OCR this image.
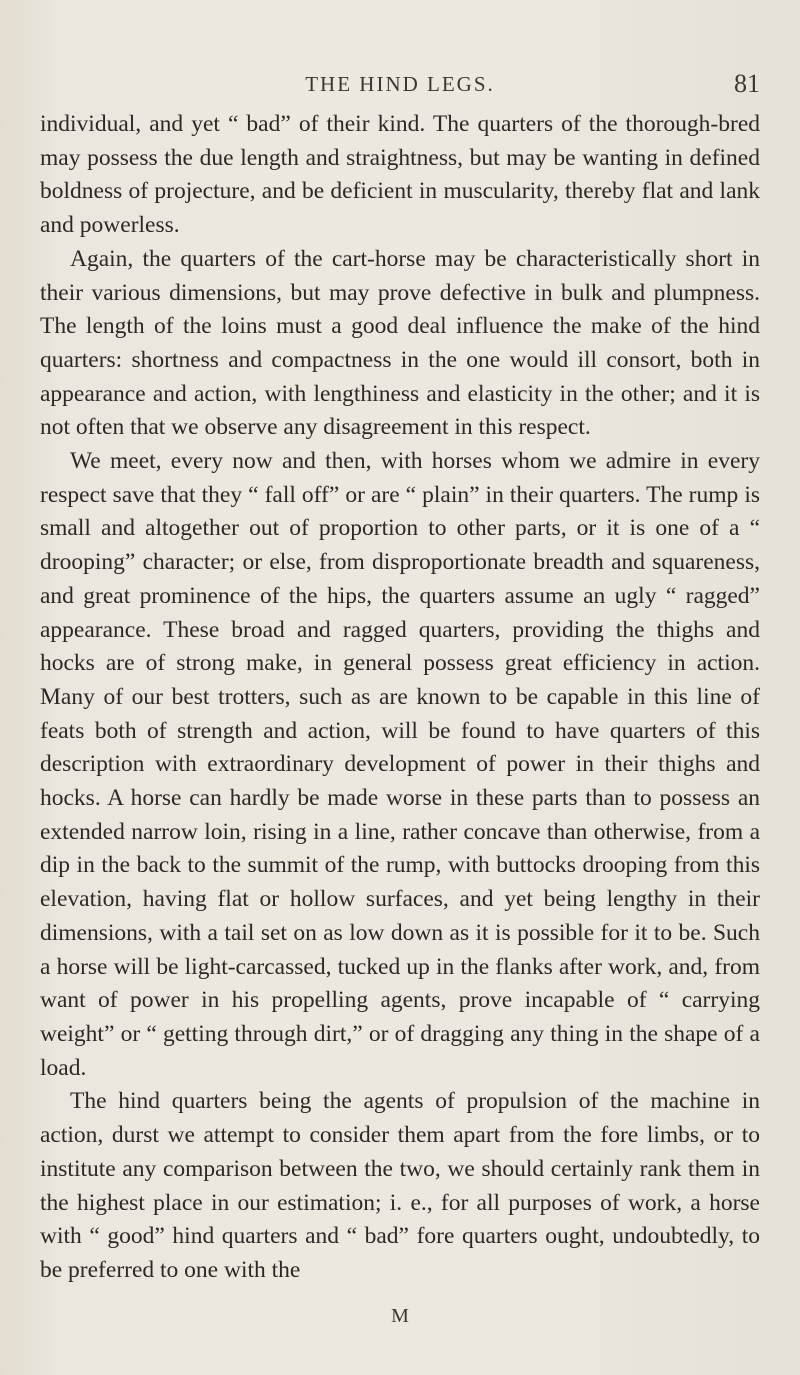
THE HIND LEGS.	81

individual, and yet “ bad” of their kind. The quarters of the thorough-bred may possess the due length and straightness, but may be wanting in defined boldness of projecture, and be deficient in muscularity, thereby flat and lank and powerless.

Again, the quarters of the cart-horse may be characteristically short in their various dimensions, but may prove defective in bulk and plumpness. The length of the loins must a good deal influence the make of the hind quarters: shortness and compactness in the one would ill consort, both in appearance and action, with lengthiness and elasticity in the other; and it is not often that we observe any disagreement in this respect.

We meet, every now and then, with horses whom we admire in every respect save that they “ fall off” or are “ plain” in their quarters. The rump is small and altogether out of proportion to other parts, or it is one of a “ drooping” character; or else, from disproportionate breadth and squareness, and great prominence of the hips, the quarters assume an ugly “ ragged” appearance. These broad and ragged quarters, providing the thighs and hocks are of strong make, in general possess great efficiency in action. Many of our best trotters, such as are known to be capable in this line of feats both of strength and action, will be found to have quarters of this description with extraordinary development of power in their thighs and hocks. A horse can hardly be made worse in these parts than to possess an extended narrow loin, rising in a line, rather concave than otherwise, from a dip in the back to the summit of the rump, with buttocks drooping from this elevation, having flat or hollow surfaces, and yet being lengthy in their dimensions, with a tail set on as low down as it is possible for it to be. Such a horse will be light-carcassed, tucked up in the flanks after work, and, from want of power in his propelling agents, prove incapable of “ carrying weight” or “ getting through dirt,” or of dragging any thing in the shape of a load.

The hind quarters being the agents of propulsion of the machine in action, durst we attempt to consider them apart from the fore limbs, or to institute any comparison between the two, we should certainly rank them in the highest place in our estimation; i. e., for all purposes of work, a horse with “ good” hind quarters and “ bad” fore quarters ought, undoubtedly, to be preferred to one with the

M
